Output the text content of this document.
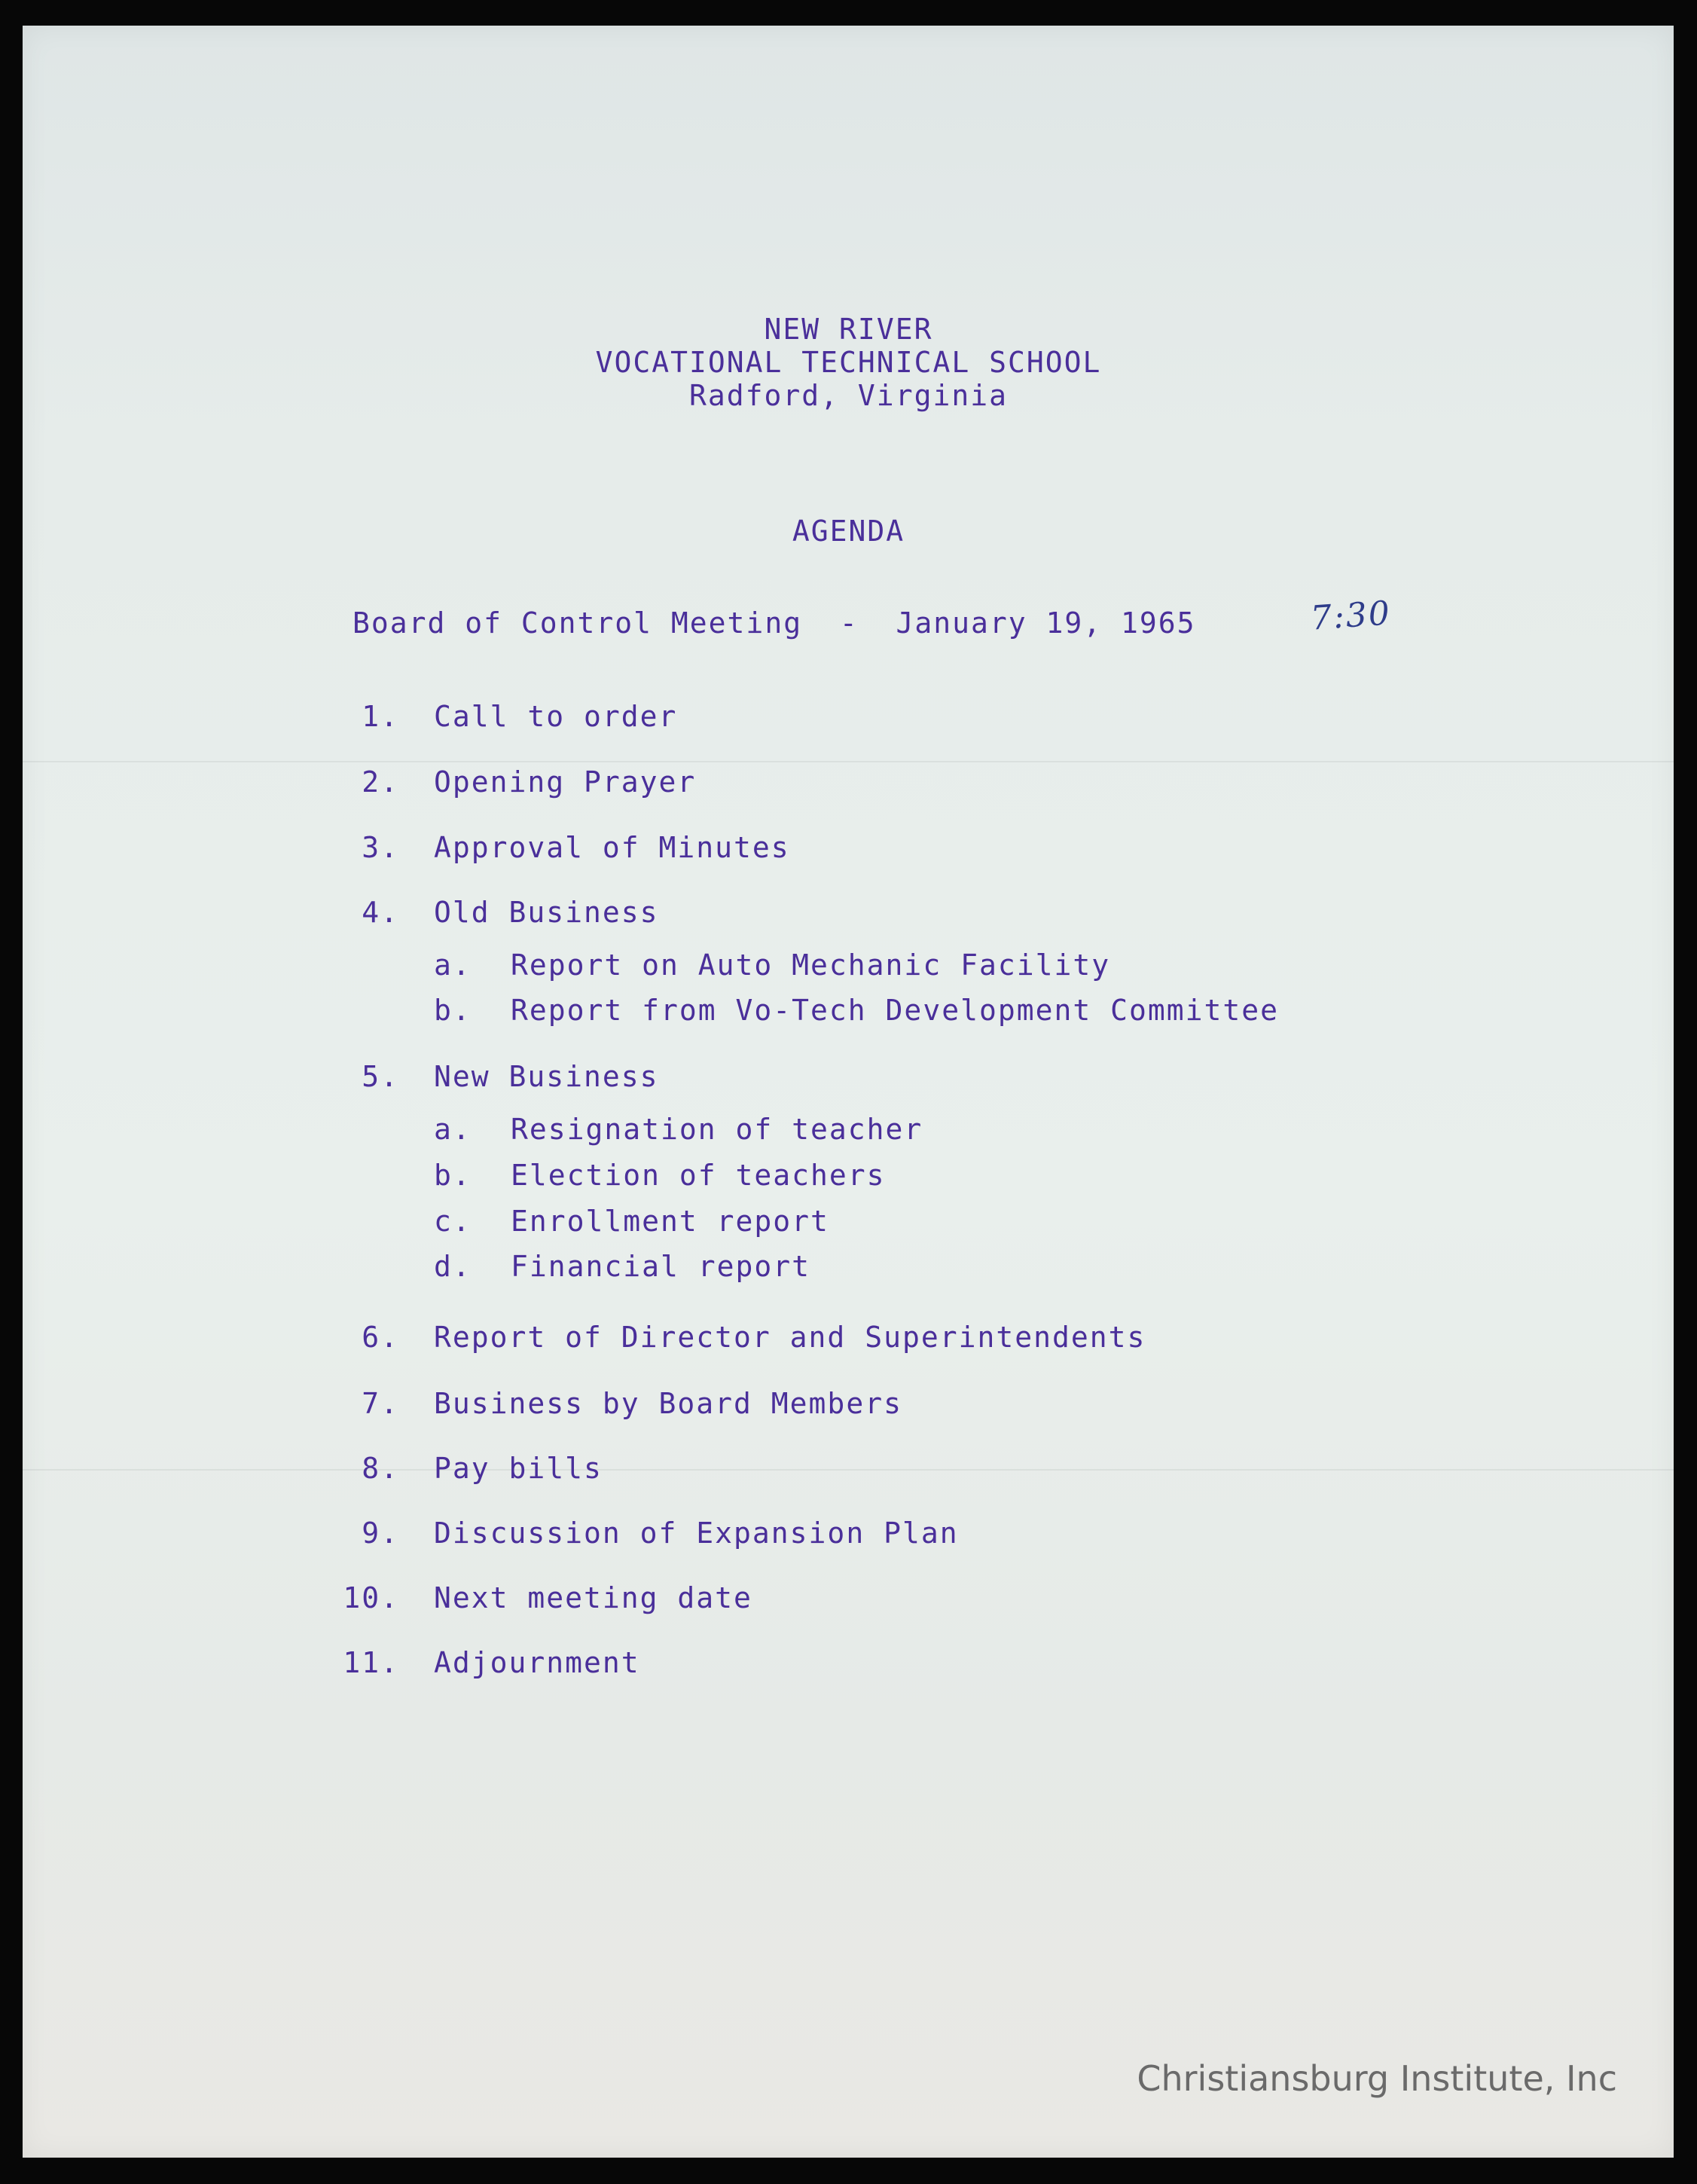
NEW RIVER

VOCATIONAL TECHNICAL SCHOOL

Radford, Virginia

AGENDA

Board of Control Meeting  -  January 19, 1965	7:30

1. Call to order

2. Opening Prayer

3. Approval of Minutes

4. Old Business

a. Report on Auto Mechanic Facility

b. Report from Vo-Tech Development Committee

5. New Business

a. Resignation of teacher

b. Election of teachers

c. Enrollment report

d. Financial report

6. Report of Director and Superintendents

7. Business by Board Members

8. Pay bills

9. Discussion of Expansion Plan

10. Next meeting date

11. Adjournment

Christiansburg Institute, Inc
